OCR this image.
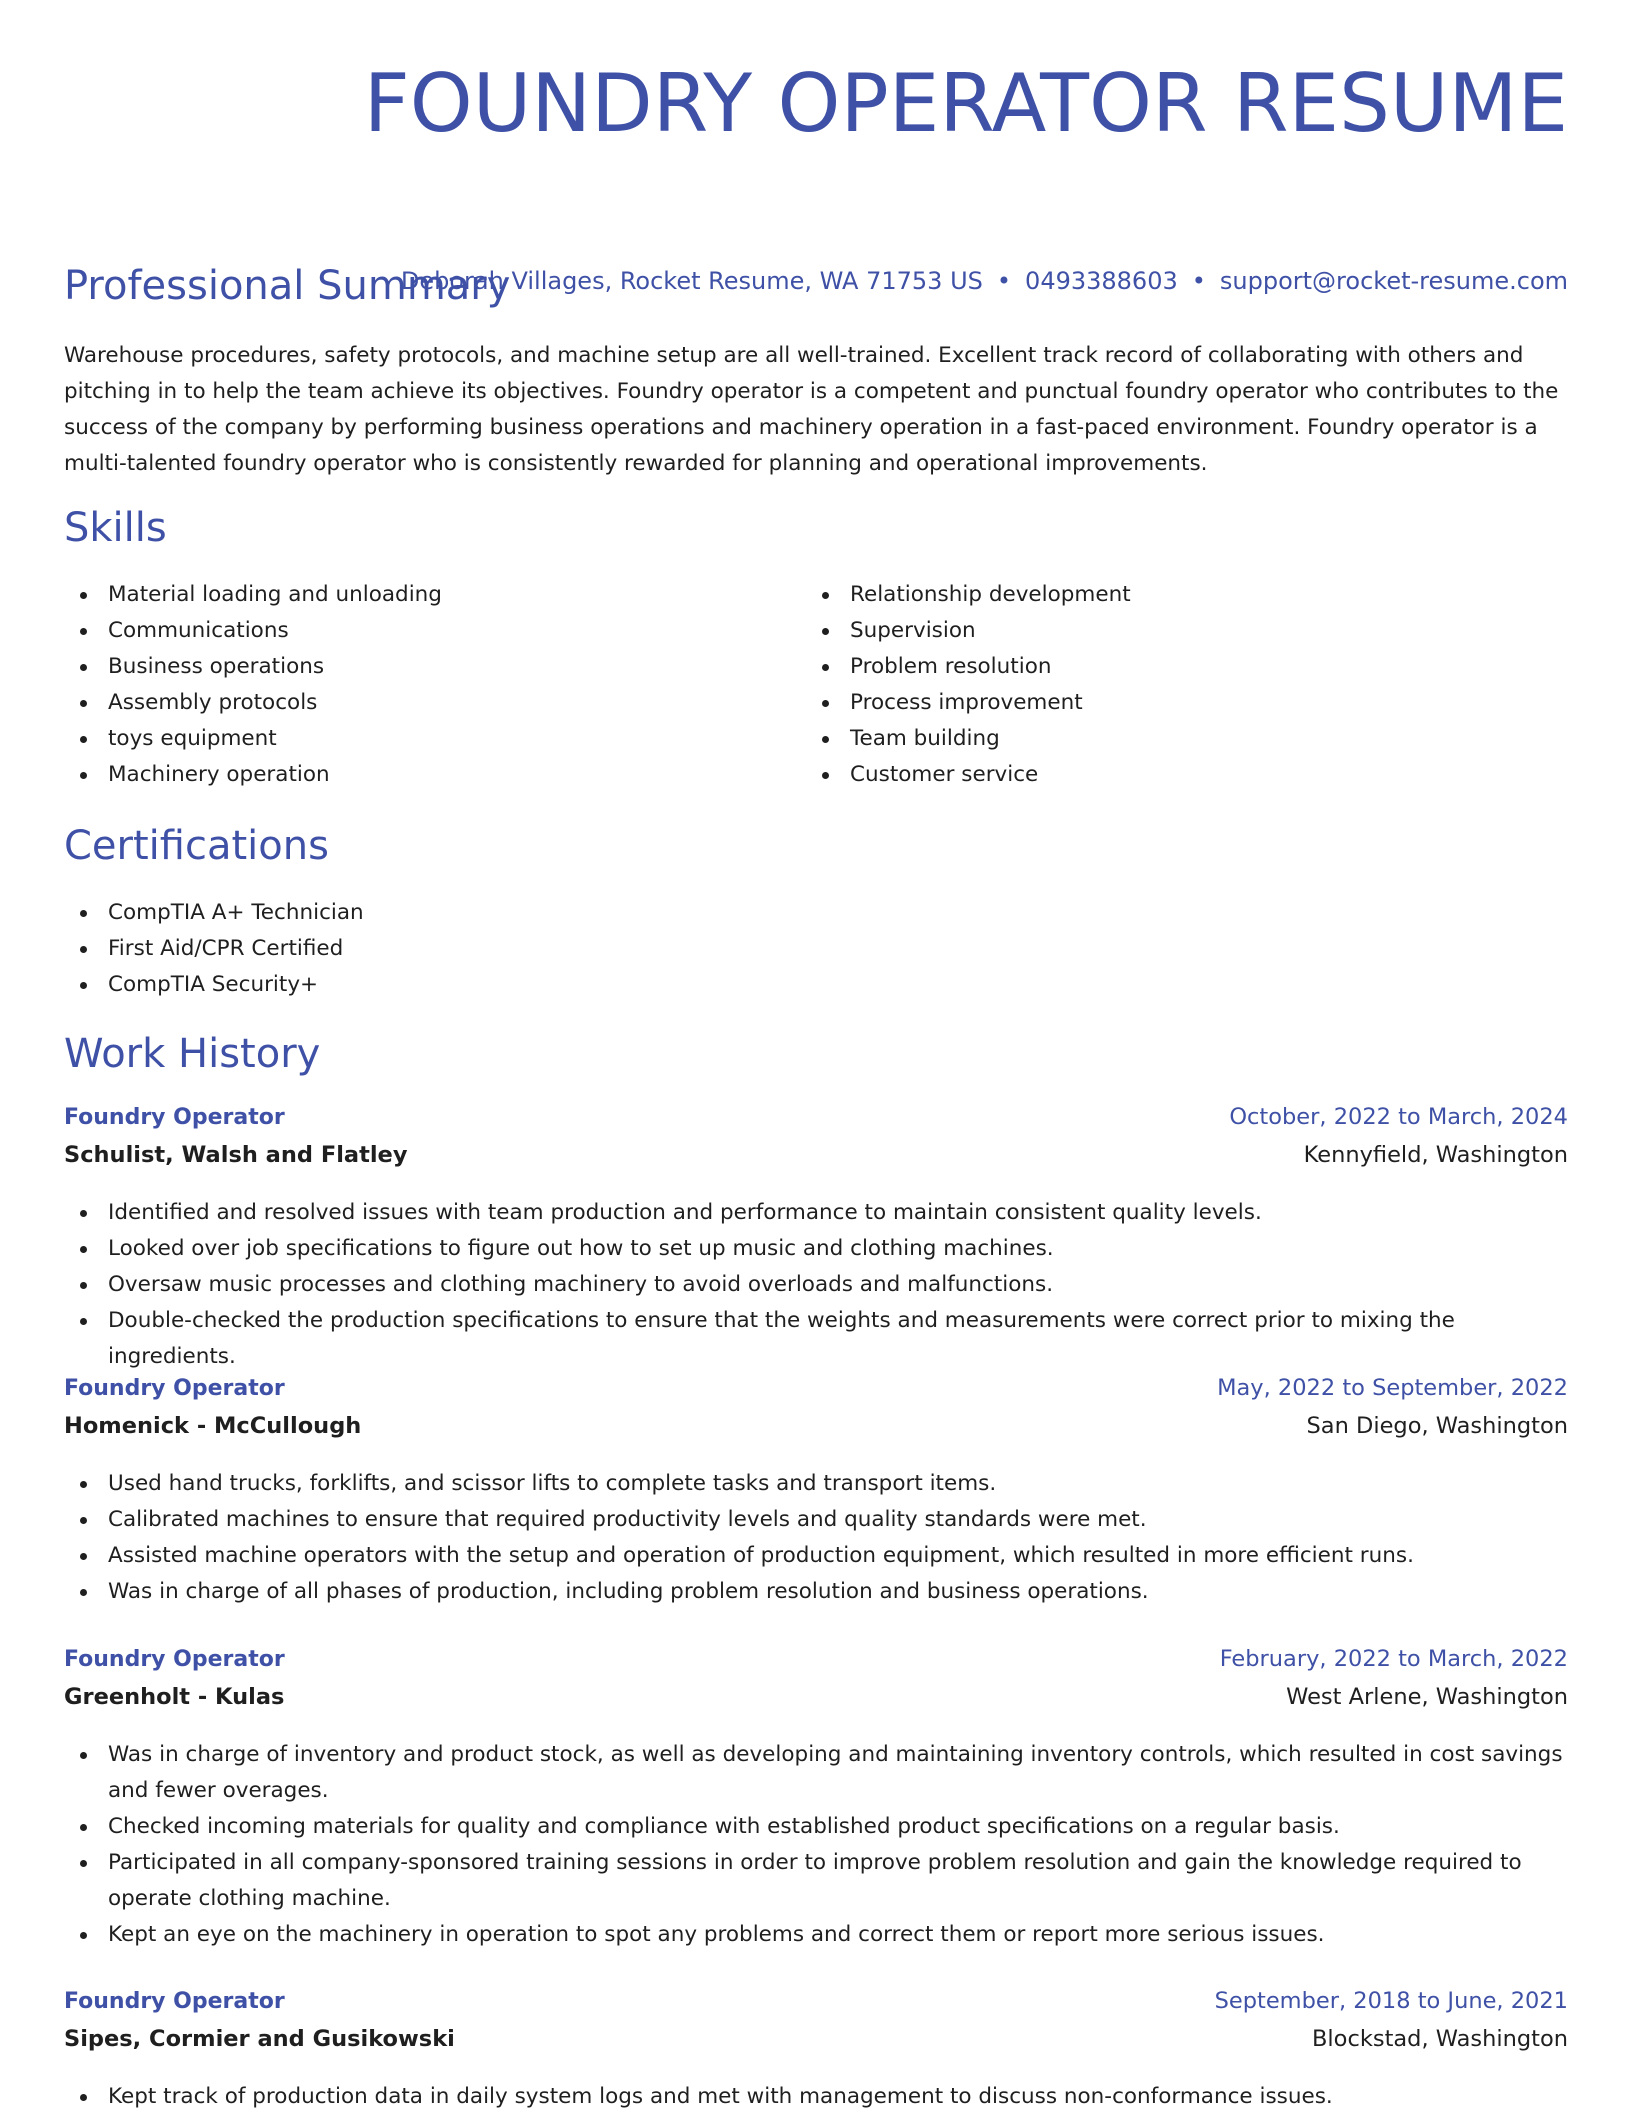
FOUNDRY OPERATOR RESUME
Deborah Villages, Rocket Resume, WA 71753 US • 0493388603 • support@rocket-resume.com
Professional Summary

Warehouse procedures, safety protocols, and machine setup are all well-trained. Excellent track record of collaborating with others and pitching in to help the team achieve its objectives. Foundry operator is a competent and punctual foundry operator who contributes to the success of the company by performing business operations and machinery operation in a fast-paced environment. Foundry operator is a multi-talented foundry operator who is consistently rewarded for planning and operational improvements.

Skills
Material loading and unloading
Communications
Business operations
Assembly protocols
toys equipment
Machinery operation
Relationship development
Supervision
Problem resolution
Process improvement
Team building
Customer service
Certifications
CompTIA A+ Technician
First Aid/CPR Certified
CompTIA Security+
Work History
Foundry Operator	October, 2022 to March, 2024
Schulist, Walsh and Flatley	Kennyfield, Washington
Identified and resolved issues with team production and performance to maintain consistent quality levels.
Looked over job specifications to figure out how to set up music and clothing machines.
Oversaw music processes and clothing machinery to avoid overloads and malfunctions.
Double-checked the production specifications to ensure that the weights and measurements were correct prior to mixing the ingredients.
Foundry Operator	May, 2022 to September, 2022
Homenick - McCullough	San Diego, Washington
Used hand trucks, forklifts, and scissor lifts to complete tasks and transport items.
Calibrated machines to ensure that required productivity levels and quality standards were met.
Assisted machine operators with the setup and operation of production equipment, which resulted in more efficient runs.
Was in charge of all phases of production, including problem resolution and business operations.
Foundry Operator	February, 2022 to March, 2022
Greenholt - Kulas	West Arlene, Washington
Was in charge of inventory and product stock, as well as developing and maintaining inventory controls, which resulted in cost savings and fewer overages.
Checked incoming materials for quality and compliance with established product specifications on a regular basis.
Participated in all company-sponsored training sessions in order to improve problem resolution and gain the knowledge required to operate clothing machine.
Kept an eye on the machinery in operation to spot any problems and correct them or report more serious issues.
Foundry Operator	September, 2018 to June, 2021
Sipes, Cormier and Gusikowski	Blockstad, Washington
Kept track of production data in daily system logs and met with management to discuss non-conformance issues.
